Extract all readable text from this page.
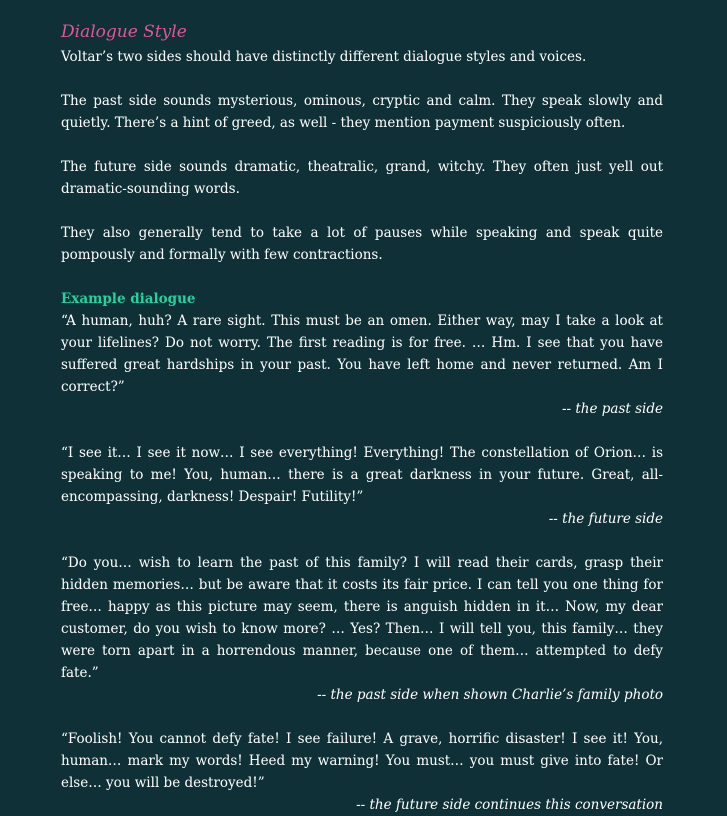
Dialogue Style

Voltar’s two sides should have distinctly different dialogue styles and voices.

The past side sounds mysterious, ominous, cryptic and calm. They speak slowly and quietly. There’s a hint of greed, as well - they mention payment suspiciously often.

The future side sounds dramatic, theatralic, grand, witchy. They often just yell out dramatic-sounding words.

They also generally tend to take a lot of pauses while speaking and speak quite pompously and formally with few contractions.

Example dialogue

“A human, huh? A rare sight. This must be an omen. Either way, may I take a look at your lifelines? Do not worry. The first reading is for free. … Hm. I see that you have suffered great hardships in your past. You have left home and never returned. Am I correct?”

-- the past side

“I see it… I see it now… I see everything! Everything! The constellation of Orion… is speaking to me! You, human… there is a great darkness in your future. Great, all-encompassing, darkness! Despair! Futility!”

-- the future side

“Do you… wish to learn the past of this family? I will read their cards, grasp their hidden memories… but be aware that it costs its fair price. I can tell you one thing for free… happy as this picture may seem, there is anguish hidden in it… Now, my dear customer, do you wish to know more? … Yes? Then… I will tell you, this family… they were torn apart in a horrendous manner, because one of them… attempted to defy fate.”

-- the past side when shown Charlie’s family photo

“Foolish! You cannot defy fate! I see failure! A grave, horrific disaster! I see it! You, human… mark my words! Heed my warning! You must… you must give into fate! Or else… you will be destroyed!”

-- the future side continues this conversation
